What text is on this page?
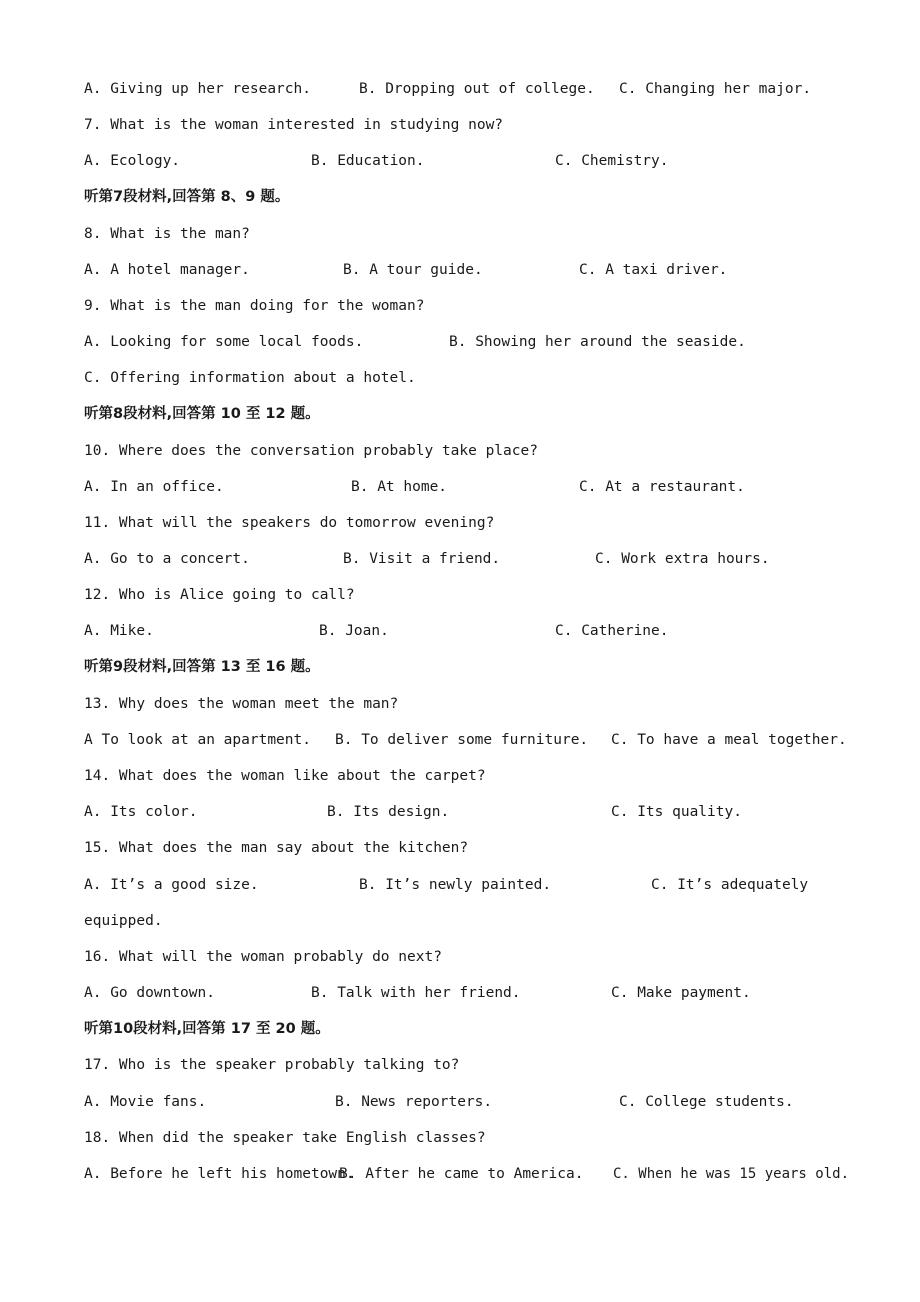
A. Giving up her research.	B. Dropping out of college. C. Changing her major.
7. What is the woman interested in studying now?
A. Ecology.	B. Education.	C. Chemistry.
听第7段材料,回答第 8、9 题。
8. What is the man?
A. A hotel manager.	B. A tour guide.	C. A taxi driver.
9. What is the man doing for the woman?
A. Looking for some local foods.	B. Showing her around the seaside.
C. Offering information about a hotel.
听第8段材料,回答第 10 至 12 题。
10. Where does the conversation probably take place?
A. In an office.	B. At home.	C. At a restaurant.
11. What will the speakers do tomorrow evening?
A. Go to a concert.	B. Visit a friend.	C. Work extra hours.
12. Who is Alice going to call?
A. Mike.	B. Joan.	C. Catherine.
听第9段材料,回答第 13 至 16 题。
13. Why does the woman meet the man?
A To look at an apartment. B. To deliver some furniture. C. To have a meal together.
14. What does the woman like about the carpet?
A. Its color.	B. Its design.	C. Its quality.
15. What does the man say about the kitchen?
A. It’s a good size.	B. It’s newly painted.	C. It’s adequately
equipped.
16. What will the woman probably do next?
A. Go downtown.	B. Talk with her friend.	C. Make payment.
听第10段材料,回答第 17 至 20 题。
17. Who is the speaker probably talking to?
A. Movie fans.	B. News reporters.	C. College students.
18. When did the speaker take English classes?
A. Before he left his hometown.
B. After he came to America. C. When he was 15 years old.
